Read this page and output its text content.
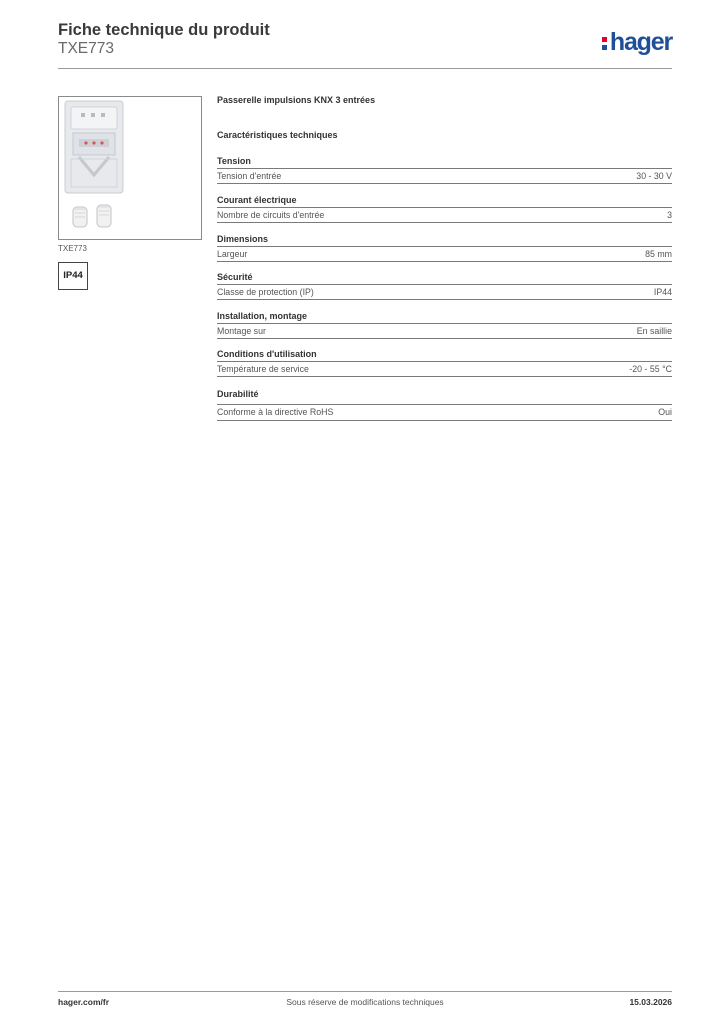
Fiche technique du produit
TXE773	hager
TXE773
IP44
Passerelle impulsions KNX 3 entrées
Caractéristiques techniques
Tension
Tension d'entrée	30 - 30 V
Courant électrique
Nombre de circuits d'entrée	3
Dimensions
Largeur	85 mm
Sécurité
Classe de protection (IP)	IP44
Installation, montage
Montage sur	En saillie
Conditions d'utilisation
Température de service	-20 - 55 °C
Durabilité
Conforme à la directive RoHS	Oui
hager.com/fr	Sous réserve de modifications techniques	15.03.2026
